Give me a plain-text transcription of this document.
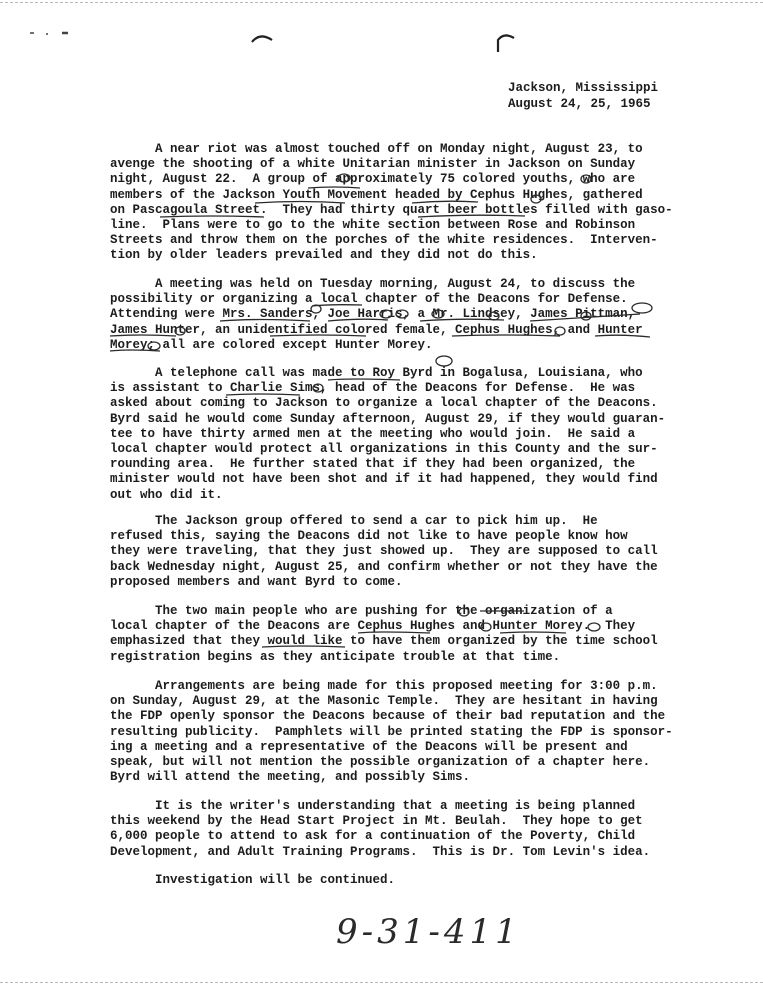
Jackson, Mississippi
August 24, 25, 1965
A near riot was almost touched off on Monday night, August 23, to
avenge the shooting of a white Unitarian minister in Jackson on Sunday
night, August 22.  A group of approximately 75 colored youths, who are
members of the Jackson Youth Movement headed by Cephus Hughes, gathered
on Pascagoula Street.  They had thirty quart beer bottles filled with gaso-
line.  Plans were to go to the white section between Rose and Robinson
Streets and throw them on the porches of the white residences.  Interven-
tion by older leaders prevailed and they did not do this.
A meeting was held on Tuesday morning, August 24, to discuss the
possibility or organizing a local chapter of the Deacons for Defense.
Attending were Mrs. Sanders, Joe Harris, a Mr. Lindsey, James Pittman,
James Hunter, an unidentified colored female, Cephus Hughes, and Hunter
Morey; all are colored except Hunter Morey.
A telephone call was made to Roy Byrd in Bogalusa, Louisiana, who
is assistant to Charlie Sims, head of the Deacons for Defense.  He was
asked about coming to Jackson to organize a local chapter of the Deacons.
Byrd said he would come Sunday afternoon, August 29, if they would guaran-
tee to have thirty armed men at the meeting who would join.  He said a
local chapter would protect all organizations in this County and the sur-
rounding area.  He further stated that if they had been organized, the
minister would not have been shot and if it had happened, they would find
out who did it.
The Jackson group offered to send a car to pick him up.  He
refused this, saying the Deacons did not like to have people know how
they were traveling, that they just showed up.  They are supposed to call
back Wednesday night, August 25, and confirm whether or not they have the
proposed members and want Byrd to come.
The two main people who are pushing for the organization of a
local chapter of the Deacons are Cephus Hughes and Hunter Morey.  They
emphasized that they would like to have them organized by the time school
registration begins as they anticipate trouble at that time.
Arrangements are being made for this proposed meeting for 3:00 p.m.
on Sunday, August 29, at the Masonic Temple.  They are hesitant in having
the FDP openly sponsor the Deacons because of their bad reputation and the
resulting publicity.  Pamphlets will be printed stating the FDP is sponsor-
ing a meeting and a representative of the Deacons will be present and
speak, but will not mention the possible organization of a chapter here.
Byrd will attend the meeting, and possibly Sims.
It is the writer's understanding that a meeting is being planned
this weekend by the Head Start Project in Mt. Beulah.  They hope to get
6,000 people to attend to ask for a continuation of the Poverty, Child
Development, and Adult Training Programs.  This is Dr. Tom Levin's idea.
Investigation will be continued.
9-31-411
